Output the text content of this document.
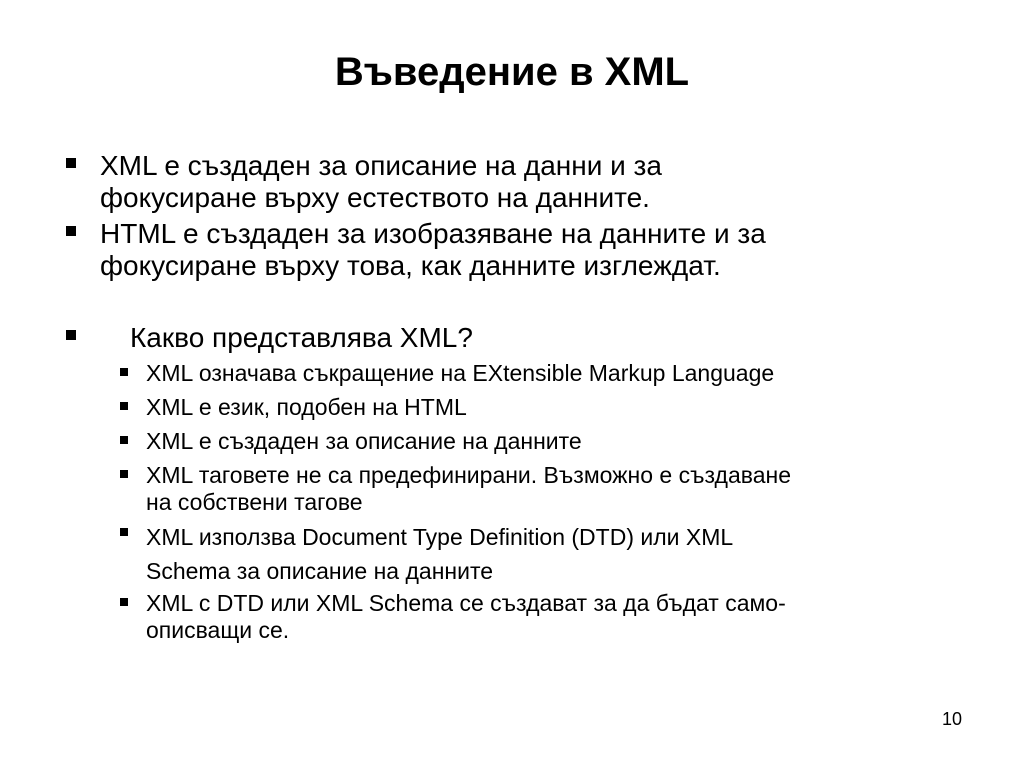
Въведение в XML
XML е създаден за описание на данни и за
фокусиране върху естеството на данните.
HTML е създаден за изобразяване на данните и за
фокусиране върху това, как данните изглеждат.
Какво представлява XML?
XML означава съкращение на EXtensible Markup Language
XML е език, подобен на HTML
XML е създаден за описание на данните
XML таговете не са предефинирани. Възможно е създаване
на собствени тагове
XML използва Document Type Definition (DTD) или XML
Schema за описание на данните
XML с DTD или XML Schema се създават за да бъдат само-
описващи се.
10
